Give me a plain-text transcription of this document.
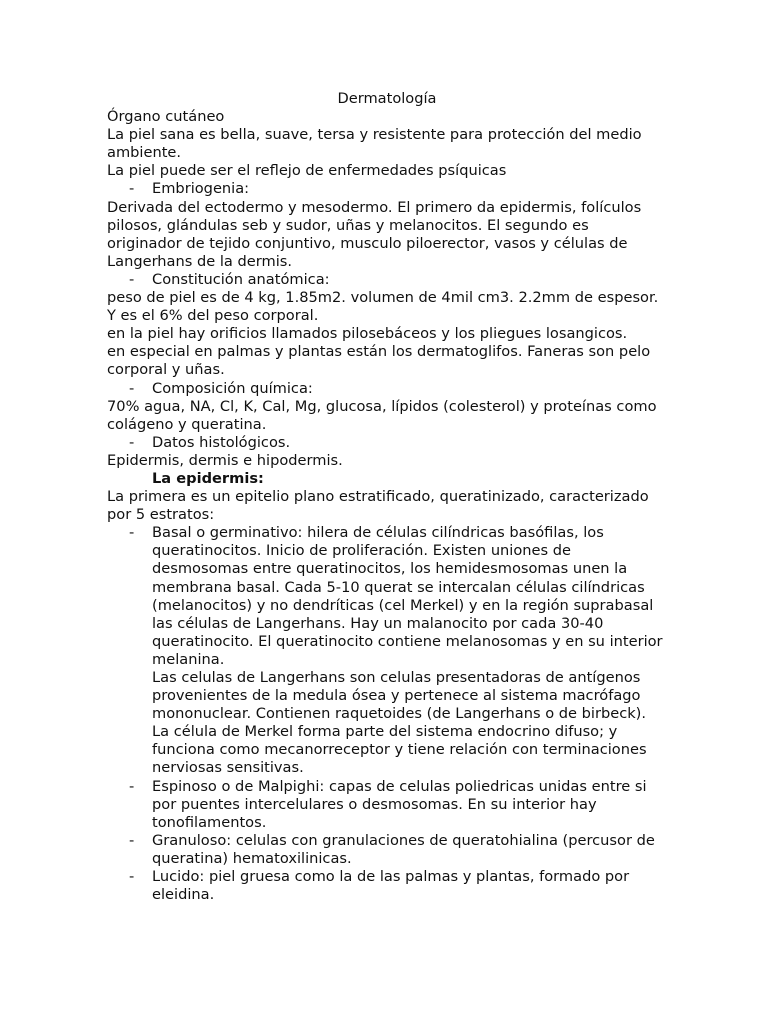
Dermatología

Órgano cutáneo

La piel sana es bella, suave, tersa y resistente para protección del medio ambiente.

La piel puede ser el reflejo de enfermedades psíquicas

- Embriogenia:

Derivada del ectodermo y mesodermo. El primero da epidermis, folículos pilosos, glándulas seb y sudor, uñas y melanocitos. El segundo es originador de tejido conjuntivo, musculo piloerector, vasos y células de Langerhans de la dermis.

- Constitución anatómica:

peso de piel es de 4 kg, 1.85m2. volumen de 4mil cm3. 2.2mm de espesor. Y es el 6% del peso corporal.

en la piel hay orificios llamados pilosebáceos y los pliegues losangicos.

en especial en palmas y plantas están los dermatoglifos. Faneras son pelo corporal y uñas.

- Composición química:

70% agua, NA, Cl, K, Cal, Mg, glucosa, lípidos (colesterol) y proteínas como colágeno y queratina.

- Datos histológicos.

Epidermis, dermis e hipodermis.

La epidermis:

La primera es un epitelio plano estratificado, queratinizado, caracterizado por 5 estratos:

- Basal o germinativo: hilera de células cilíndricas basófilas, los queratinocitos. Inicio de proliferación. Existen uniones de desmosomas entre queratinocitos, los hemidesmosomas unen la membrana basal. Cada 5-10 querat se intercalan células cilíndricas (melanocitos) y no dendríticas (cel Merkel) y en la región suprabasal las células de Langerhans. Hay un malanocito por cada 30-40 queratinocito. El queratinocito contiene melanosomas y en su interior melanina.

Las celulas de Langerhans son celulas presentadoras de antígenos provenientes de la medula ósea y pertenece al sistema macrófago mononuclear. Contienen raquetoides (de Langerhans o de birbeck). La célula de Merkel forma parte del sistema endocrino difuso; y funciona como mecanorreceptor y tiene relación con terminaciones nerviosas sensitivas.

- Espinoso o de Malpighi: capas de celulas poliedricas unidas entre si por puentes intercelulares o desmosomas. En su interior hay tonofilamentos.
- Granuloso: celulas con granulaciones de queratohialina (percusor de queratina) hematoxilinicas.
- Lucido: piel gruesa como la de las palmas y plantas, formado por eleidina.
